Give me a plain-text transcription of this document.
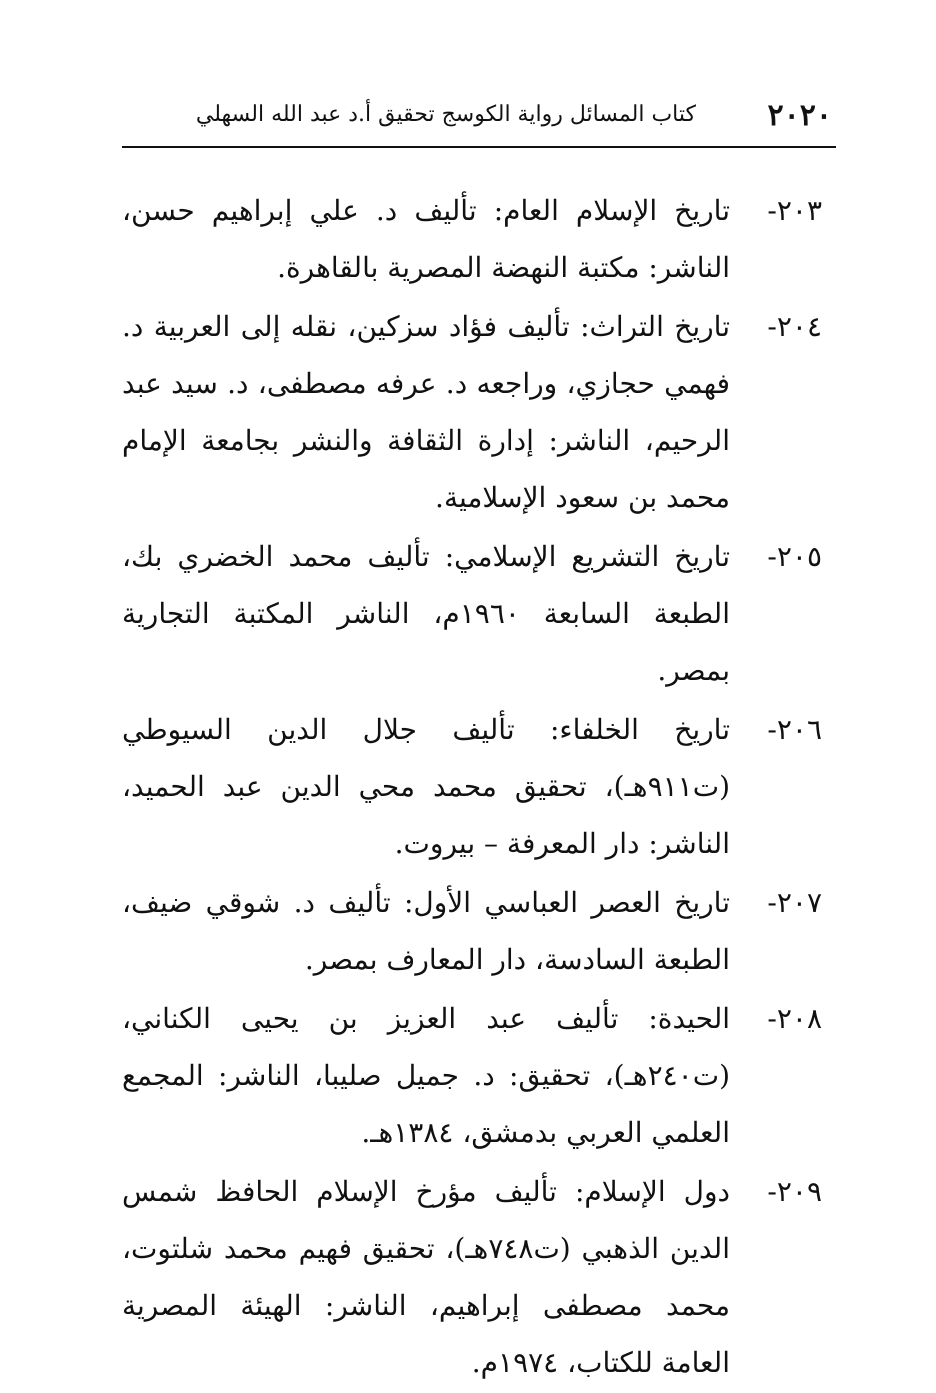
٢٠٢٠
كتاب المسائل رواية الكوسج تحقيق أ.د عبد الله السهلي
٢٠٣-
تاريخ الإسلام العام: تأليف د. علي إبراهيم حسن، الناشر: مكتبة النهضة المصرية بالقاهرة.
٢٠٤-
تاريخ التراث: تأليف فؤاد سزكين، نقله إلى العربية د. فهمي حجازي، وراجعه د. عرفه مصطفى، د. سيد عبد الرحيم، الناشر: إدارة الثقافة والنشر بجامعة الإمام محمد بن سعود الإسلامية.
٢٠٥-
تاريخ التشريع الإسلامي: تأليف محمد الخضري بك، الطبعة السابعة ١٩٦٠م، الناشر المكتبة التجارية بمصر.
٢٠٦-
تاريخ الخلفاء: تأليف جلال الدين السيوطي (ت٩١١هـ)، تحقيق محمد محي الدين عبد الحميد، الناشر: دار المعرفة – بيروت.
٢٠٧-
تاريخ العصر العباسي الأول: تأليف د. شوقي ضيف، الطبعة السادسة، دار المعارف بمصر.
٢٠٨-
الحيدة: تأليف عبد العزيز بن يحيى الكناني، (ت٢٤٠هـ)، تحقيق: د. جميل صليبا، الناشر: المجمع العلمي العربي بدمشق، ١٣٨٤هـ.
٢٠٩-
دول الإسلام: تأليف مؤرخ الإسلام الحافظ شمس الدين الذهبي (ت٧٤٨هـ)، تحقيق فهيم محمد شلتوت، محمد مصطفى إبراهيم، الناشر: الهيئة المصرية العامة للكتاب، ١٩٧٤م.
